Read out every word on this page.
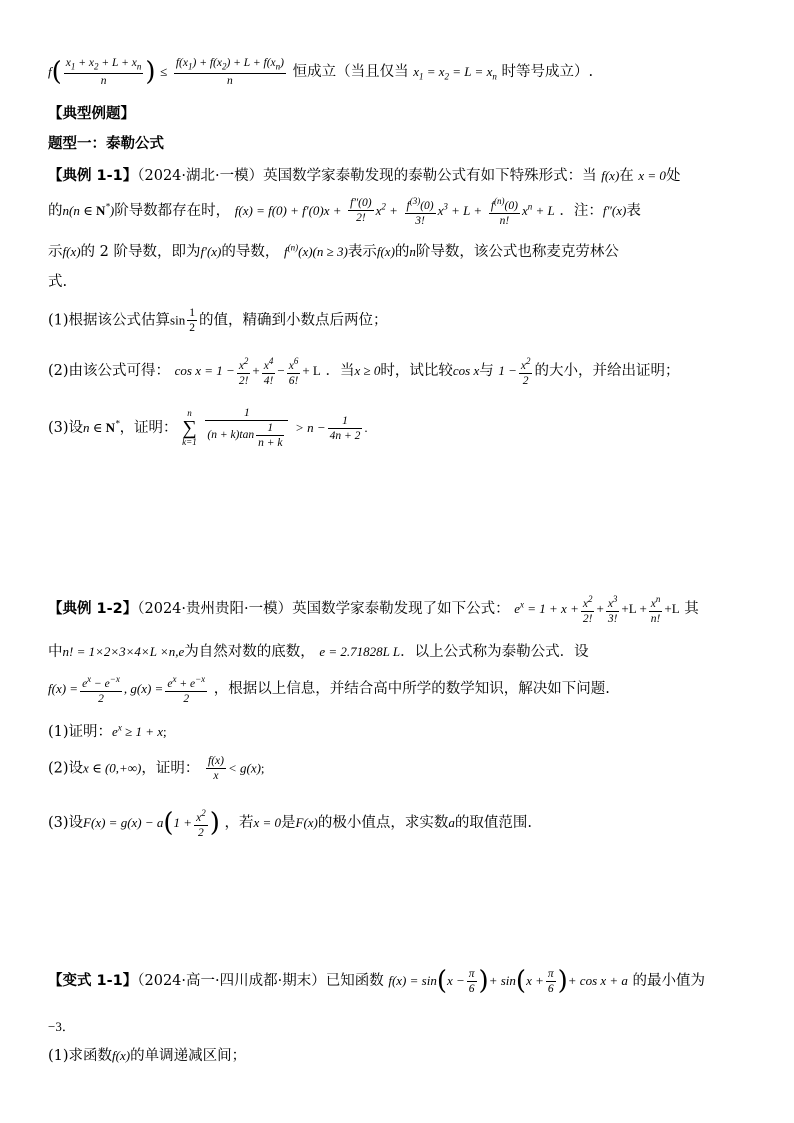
$f( \frac{x_1 + x_2 + L + x_n}{n}$ ) ≤ $\frac{f(x_1) + f(x_2) + L + f(x_n)}{n}$ 恒成立（当且仅当 $x_1 = x_2 = L = x_n$ 时等号成立）.
【典型例题】
题型一：泰勒公式
【典例 1-1】（2024·湖北·一模）英国数学家泰勒发现的泰勒公式有如下特殊形式：当 f(x)在 x = 0处
的n(n ∈ N*)阶导数都存在时， $f(x) = f(0) + f'(0)x + \frac{f''(0)}{2!} x^2 + \frac{f^{(3)}(0)}{3!} x^3 + L + \frac{f^{(n)}(0)}{n!} x^n + L$ ．注：f″(x)表
示f(x)的 2 阶导数，即为f′(x)的导数， $f^{(n)}(x)(n \ge 3)$表示f(x)的n阶导数，该公式也称麦克劳林公
式.
(1)根据该公式估算$\sin \frac{1}{2}$ 的值，精确到小数点后两位；
(2)由该公式可得： $\cos x = 1 - \frac{x^2}{2!} + \frac{x^4}{4!} - \frac{x^6}{6!} + L$ ．当x ≥ 0时，试比较cos x与 $1 - \frac{x^2}{2}$ 的大小，并给出证明；
(3)设n ∈ N*，证明： n
∑
$k=1 \frac{1}{(n + k)\tan \frac{1}{n + k}} > n - \frac{1}{4n + 2}$ .
【典例 1-2】（2024·贵州贵阳·一模）英国数学家泰勒发现了如下公式： $e^x = 1 + x + \frac{x^2}{2!} + \frac{x^3}{3!} +L + \frac{x^n}{n!} +L$ 其
中n! = 1×2×3×4×L ×n,e为自然对数的底数， e = 2.71828L L．以上公式称为泰勒公式．设
$f(x) = \frac{e^x - e^{-x}}{2}$ , $g(x) = \frac{e^x + e^{-x}}{2}$ ，根据以上信息，并结合高中所学的数学知识，解决如下问题.
(1)证明：$e^x \ge 1 + x$;
(2)设x ∈ (0,+∞)，证明： $\frac{f(x)}{x} < g(x)$;
(3)设$F(x) = g(x) - a(1 + \frac{x^2}{2}$ ) ，若x = 0是F(x)的极小值点，求实数a的取值范围.
【变式 1-1】（2024·高一·四川成都·期末）已知函数 $f(x) = \sin(x - \frac{\pi}{6}$ )+ $\sin(x + \frac{\pi}{6}$ )+ cos x + a 的最小值为
−3．
(1)求函数f(x)的单调递减区间；
